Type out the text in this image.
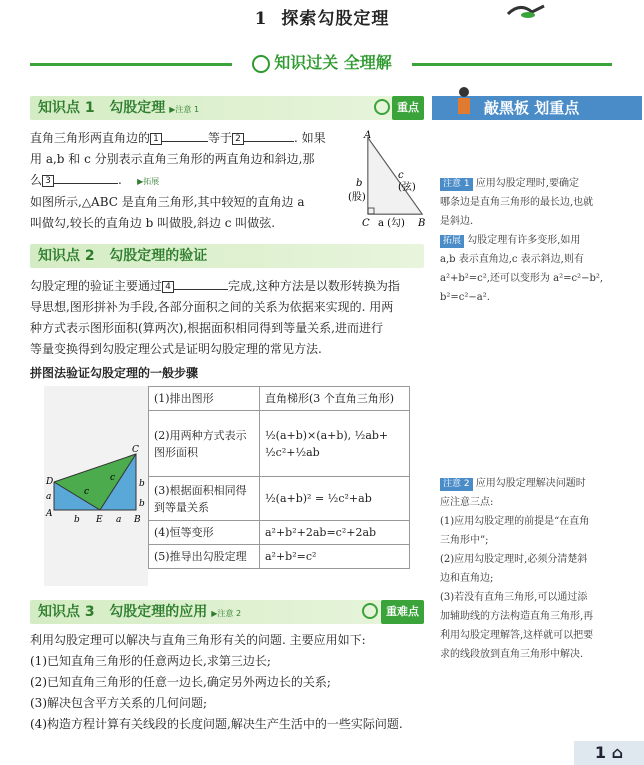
1 探索勾股定理
知识过关 全理解
敲黑板 划重点
知识点 1 勾股定理 ▶注意 1	重点
直角三角形两直角边的 1	等于 2	. 如果
用 a,b 和 c 分别表示直角三角形的两直角边和斜边,那
么 3	. ▶拓展
如图所示,△ABC 是直角三角形,其中较短的直角边 a
叫做勾,较长的直角边 b 叫做股,斜边 c 叫做弦.
A
C	B
b
(股)
c
(弦)
a (勾)
知识点 2 勾股定理的验证
勾股定理的验证主要通过 4	完成,这种方法是以数形转换为指
导思想,图形拼补为手段,各部分面积之间的关系为依据来实现的. 用两
种方式表示图形面积(算两次),根据面积相同得到等量关系,进而进行
等量变换得到勾股定理公式是证明勾股定理的常见方法.
拼图法验证勾股定理的一般步骤
D
A
C
E	B
a
b
c
c
b
a
b
(1)排出图形	直角梯形(3 个直角三角形)
(2)用两种方式表示图形面积	½(a+b)×(a+b), ½ab+
½c²+½ab

(3)根据面积相同得到等量关系	½(a+b)² = ½c²+ab
(4)恒等变形	a²+b²+2ab=c²+2ab
(5)推导出勾股定理	a²+b²=c²
知识点 3 勾股定理的应用 ▶注意 2	重难点
利用勾股定理可以解决与直角三角形有关的问题. 主要应用如下:
(1)已知直角三角形的任意两边长,求第三边长;
(2)已知直角三角形的任意一边长,确定另外两边长的关系;
(3)解决包含平方关系的几何问题;
(4)构造方程计算有关线段的长度问题,解决生产生活中的一些实际问题.
注意 1 应用勾股定理时,要确定
哪条边是直角三角形的最长边,也就
是斜边.
拓展 勾股定理有许多变形,如用
a,b 表示直角边,c 表示斜边,则有
a²+b²=c²,还可以变形为 a²=c²−b²,
b²=c²−a².
注意 2 应用勾股定理解决问题时
应注意三点:
(1)应用勾股定理的前提是“在直角
三角形中”;
(2)应用勾股定理时,必须分清楚斜
边和直角边;
(3)若没有直角三角形,可以通过添
加辅助线的方法构造直角三角形,再
利用勾股定理解答,这样就可以把要
求的线段放到直角三角形中解决.
1 ⌂
